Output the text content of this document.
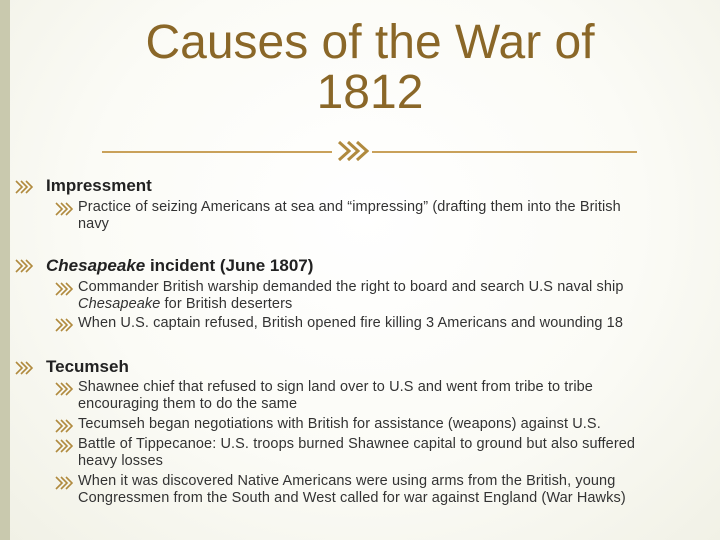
Causes of the War of
1812
Impressment
Practice of seizing Americans at sea and “impressing” (drafting them into the British
navy
Chesapeake incident (June 1807)
Commander British warship demanded the right to board and search U.S naval ship
Chesapeake for British deserters
When U.S. captain refused, British opened fire killing 3 Americans and wounding 18
Tecumseh
Shawnee chief that refused to sign land over to U.S and went from tribe to tribe
encouraging them to do the same
Tecumseh began negotiations with British for assistance (weapons) against U.S.
Battle of Tippecanoe: U.S. troops burned Shawnee capital to ground but also suffered
heavy losses
When it was discovered Native Americans were using arms from the British, young
Congressmen from the South and West called for war against England (War Hawks)
